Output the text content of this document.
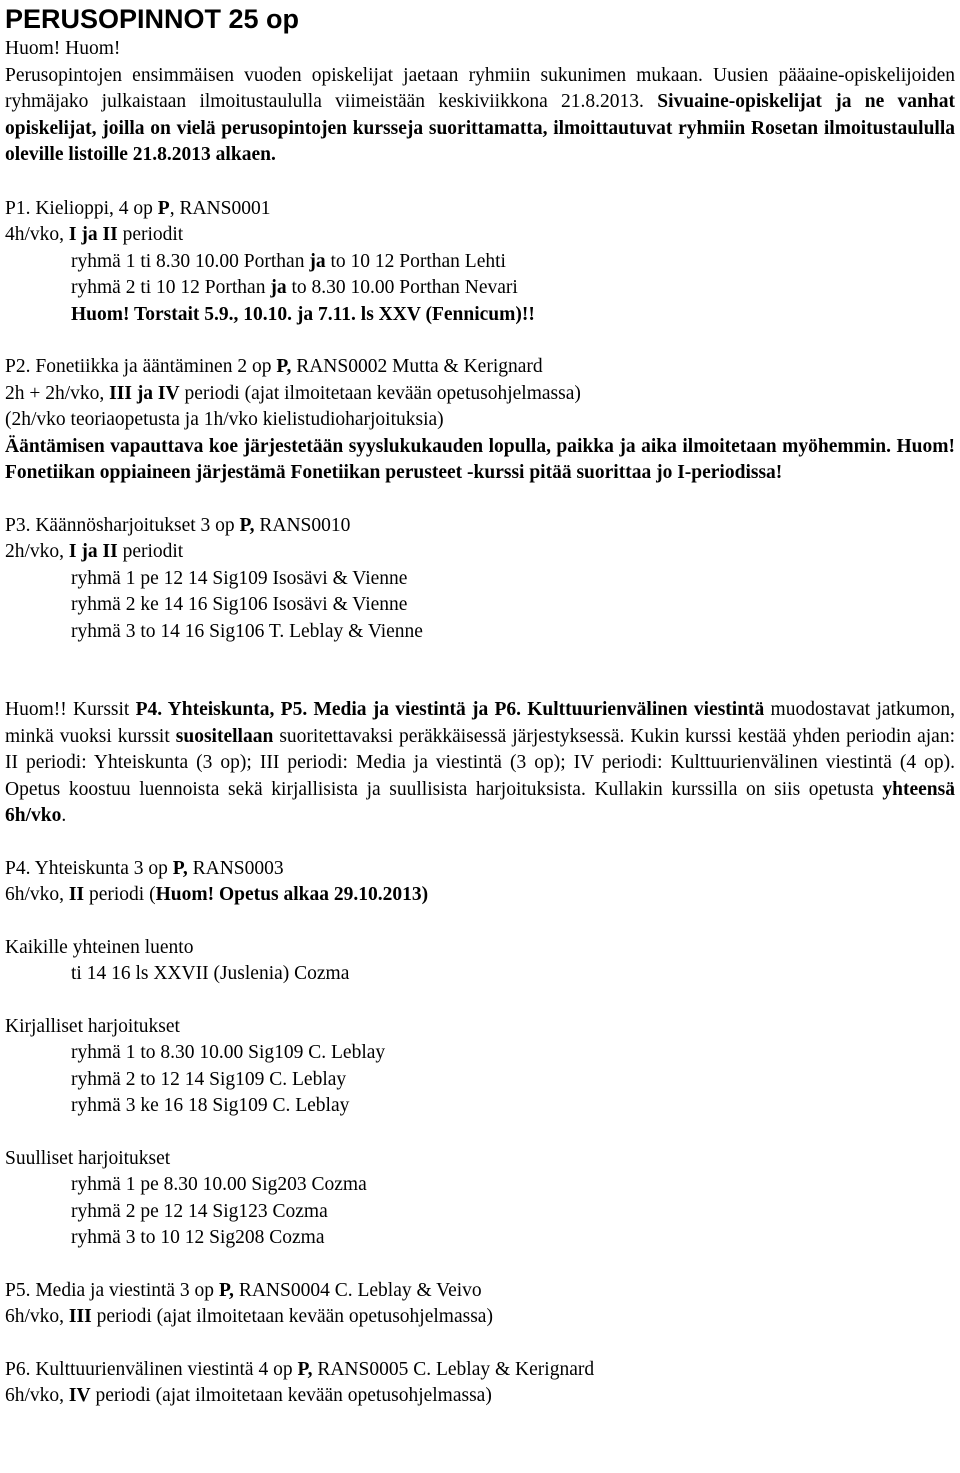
PERUSOPINNOT 25 op
Huom! Huom!
Perusopintojen ensimmäisen vuoden opiskelijat jaetaan ryhmiin sukunimen mukaan. Uusien pääaine-opiskelijoiden ryhmäjako julkaistaan ilmoitustaululla viimeistään keskiviikkona 21.8.2013. Sivuaine-opiskelijat ja ne vanhat opiskelijat, joilla on vielä perusopintojen kursseja suorittamatta, ilmoittautuvat ryhmiin Rosetan ilmoitustaululla oleville listoille 21.8.2013 alkaen.
P1. Kielioppi, 4 op P, RANS0001
4h/vko, I ja II periodit
ryhmä 1 ti 8.30 10.00 Porthan ja to 10 12 Porthan Lehti
ryhmä 2 ti 10 12 Porthan ja to 8.30 10.00 Porthan Nevari
Huom! Torstait 5.9., 10.10. ja 7.11. ls XXV (Fennicum)!!
P2. Fonetiikka ja ääntäminen 2 op P, RANS0002 Mutta & Kerignard
2h + 2h/vko, III ja IV periodi (ajat ilmoitetaan kevään opetusohjelmassa)
(2h/vko teoriaopetusta ja 1h/vko kielistudioharjoituksia)
Ääntämisen vapauttava koe järjestetään syyslukukauden lopulla, paikka ja aika ilmoitetaan myöhemmin. Huom! Fonetiikan oppiaineen järjestämä Fonetiikan perusteet -kurssi pitää suorittaa jo I-periodissa!
P3. Käännösharjoitukset 3 op P, RANS0010
2h/vko, I ja II periodit
ryhmä 1 pe 12 14 Sig109 Isosävi & Vienne
ryhmä 2 ke 14 16 Sig106 Isosävi & Vienne
ryhmä 3 to 14 16 Sig106 T. Leblay & Vienne
Huom!! Kurssit P4. Yhteiskunta, P5. Media ja viestintä ja P6. Kulttuurienvälinen viestintä muodostavat jatkumon, minkä vuoksi kurssit suositellaan suoritettavaksi peräkkäisessä järjestyksessä. Kukin kurssi kestää yhden periodin ajan: II periodi: Yhteiskunta (3 op); III periodi: Media ja viestintä (3 op); IV periodi: Kulttuurienvälinen viestintä (4 op). Opetus koostuu luennoista sekä kirjallisista ja suullisista harjoituksista. Kullakin kurssilla on siis opetusta yhteensä 6h/vko.
P4. Yhteiskunta 3 op P, RANS0003
6h/vko, II periodi (Huom! Opetus alkaa 29.10.2013)
Kaikille yhteinen luento
ti 14 16 ls XXVII (Juslenia) Cozma
Kirjalliset harjoitukset
ryhmä 1 to 8.30 10.00 Sig109 C. Leblay
ryhmä 2 to 12 14 Sig109 C. Leblay
ryhmä 3 ke 16 18 Sig109 C. Leblay
Suulliset harjoitukset
ryhmä 1 pe 8.30 10.00 Sig203 Cozma
ryhmä 2 pe 12 14 Sig123 Cozma
ryhmä 3 to 10 12 Sig208 Cozma
P5. Media ja viestintä 3 op P, RANS0004 C. Leblay & Veivo
6h/vko, III periodi (ajat ilmoitetaan kevään opetusohjelmassa)
P6. Kulttuurienvälinen viestintä 4 op P, RANS0005 C. Leblay & Kerignard
6h/vko, IV periodi (ajat ilmoitetaan kevään opetusohjelmassa)
